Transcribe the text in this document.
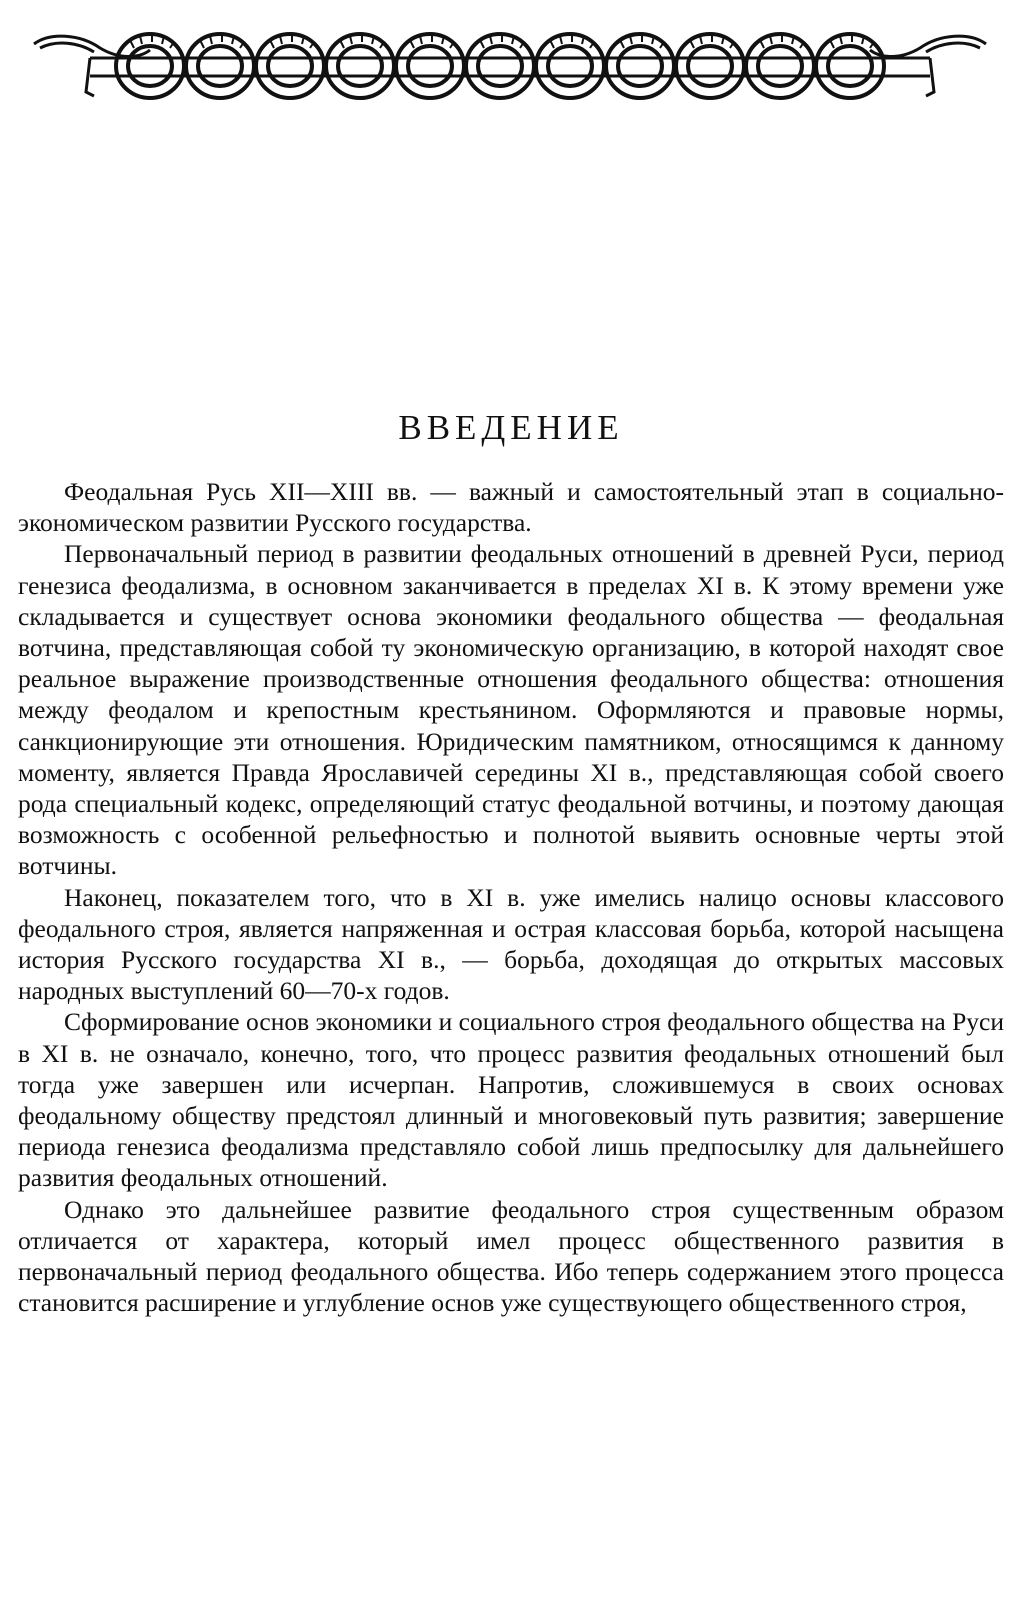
ВВЕДЕНИЕ

Феодальная Русь XII—XIII вв. — важный и самостоятельный этап в социально-экономическом развитии Русского государства.

Первоначальный период в развитии феодальных отношений в древней Руси, период генезиса феодализма, в основном заканчивается в пределах XI в. К этому времени уже складывается и существует основа экономики феодального общества — феодальная вотчина, представляющая собой ту экономическую организацию, в которой находят свое реальное выражение производственные отношения феодального общества: отношения между феодалом и крепостным крестьянином. Оформляются и правовые нормы, санкционирующие эти отношения. Юридическим памятником, относящимся к данному моменту, является Правда Ярославичей середины XI в., представляющая собой своего рода специальный кодекс, определяющий статус феодальной вотчины, и поэтому дающая возможность с особенной рельефностью и полнотой выявить основные черты этой вотчины.

Наконец, показателем того, что в XI в. уже имелись налицо основы классового феодального строя, является напряженная и острая классовая борьба, которой насыщена история Русского государства XI в., — борьба, доходящая до открытых массовых народных выступлений 60—70-х годов.

Сформирование основ экономики и социального строя феодального общества на Руси в XI в. не означало, конечно, того, что процесс развития феодальных отношений был тогда уже завершен или исчерпан. Напротив, сложившемуся в своих основах феодальному обществу предстоял длинный и многовековый путь развития; завершение периода генезиса феодализма представляло собой лишь предпосылку для дальнейшего развития феодальных отношений.

Однако это дальнейшее развитие феодального строя существенным образом отличается от характера, который имел процесс общественного развития в первоначальный период феодального общества. Ибо теперь содержанием этого процесса становится расширение и углубление основ уже существующего общественного строя,
